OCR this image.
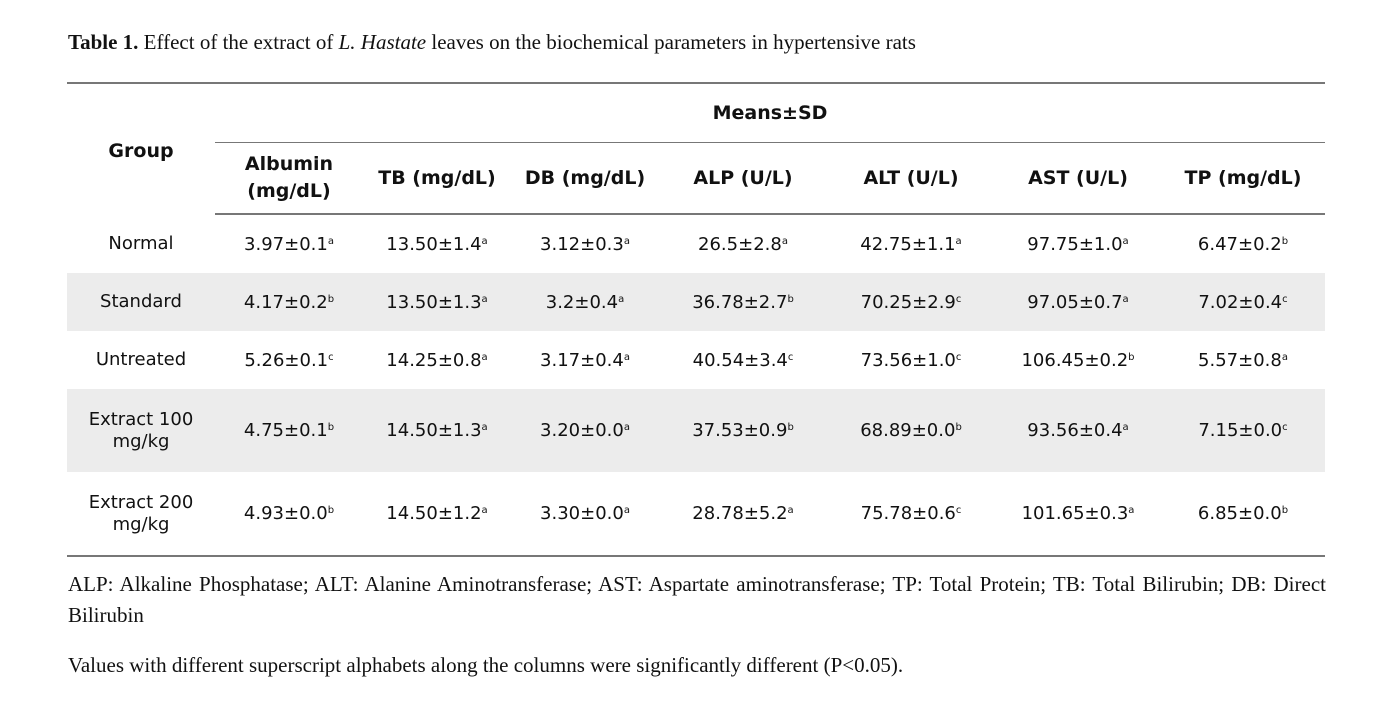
Table 1. Effect of the extract of L. Hastate leaves on the biochemical parameters in hypertensive rats
Group	Means±SD						
	Albumin (mg/dL)	TB (mg/dL)	DB (mg/dL)	ALP (U/L)	ALT (U/L)	AST (U/L)	TP (mg/dL)
Normal	3.97±0.1$^a$	13.50±1.4$^a$	3.12±0.3$^a$	26.5±2.8$^a$	42.75±1.1$^a$	97.75±1.0$^a$	6.47±0.2$^b$
Standard	4.17±0.2$^b$	13.50±1.3$^a$	3.2±0.4$^a$	36.78±2.7$^b$	70.25±2.9$^c$	97.05±0.7$^a$	7.02±0.4$^c$
Untreated	5.26±0.1$^c$	14.25±0.8$^a$	3.17±0.4$^a$	40.54±3.4$^c$	73.56±1.0$^c$	106.45±0.2$^b$	5.57±0.8$^a$
Extract 100 mg/kg	4.75±0.1$^b$	14.50±1.3$^a$	3.20±0.0$^a$	37.53±0.9$^b$	68.89±0.0$^b$	93.56±0.4$^a$	7.15±0.0$^c$
Extract 200 mg/kg	4.93±0.0$^b$	14.50±1.2$^a$	3.30±0.0$^a$	28.78±5.2$^a$	75.78±0.6$^c$	101.65±0.3$^a$	6.85±0.0$^b$
ALP: Alkaline Phosphatase; ALT: Alanine Aminotransferase; AST: Aspartate aminotransferase; TP: Total Protein; TB: Total Bilirubin; DB: Direct Bilirubin
Values with different superscript alphabets along the columns were significantly different (P<0.05).
